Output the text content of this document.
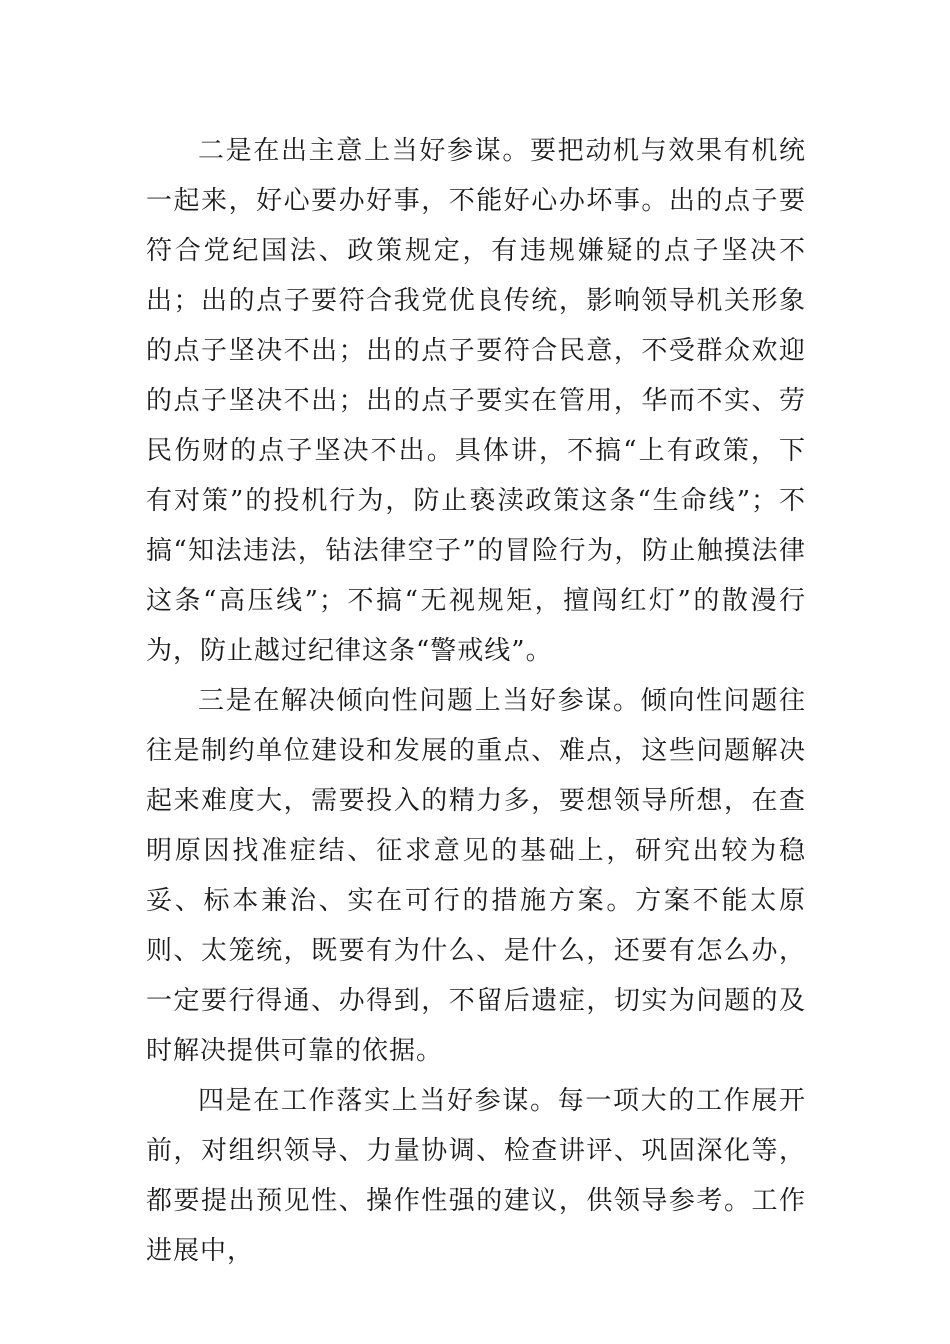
二是在出主意上当好参谋。要把动机与效果有机统一起来，好心要办好事，不能好心办坏事。出的点子要符合党纪国法、政策规定，有违规嫌疑的点子坚决不出；出的点子要符合我党优良传统，影响领导机关形象的点子坚决不出；出的点子要符合民意，不受群众欢迎的点子坚决不出；出的点子要实在管用，华而不实、劳民伤财的点子坚决不出。具体讲，不搞“上有政策，下有对策”的投机行为，防止亵渎政策这条“生命线”；不搞“知法违法，钻法律空子”的冒险行为，防止触摸法律这条“高压线”；不搞“无视规矩，擅闯红灯”的散漫行为，防止越过纪律这条“警戒线”。

三是在解决倾向性问题上当好参谋。倾向性问题往往是制约单位建设和发展的重点、难点，这些问题解决起来难度大，需要投入的精力多，要想领导所想，在查明原因找准症结、征求意见的基础上，研究出较为稳妥、标本兼治、实在可行的措施方案。方案不能太原则、太笼统，既要有为什么、是什么，还要有怎么办，一定要行得通、办得到，不留后遗症，切实为问题的及时解决提供可靠的依据。

四是在工作落实上当好参谋。每一项大的工作展开前，对组织领导、力量协调、检查讲评、巩固深化等，都要提出预见性、操作性强的建议，供领导参考。工作进展中，
